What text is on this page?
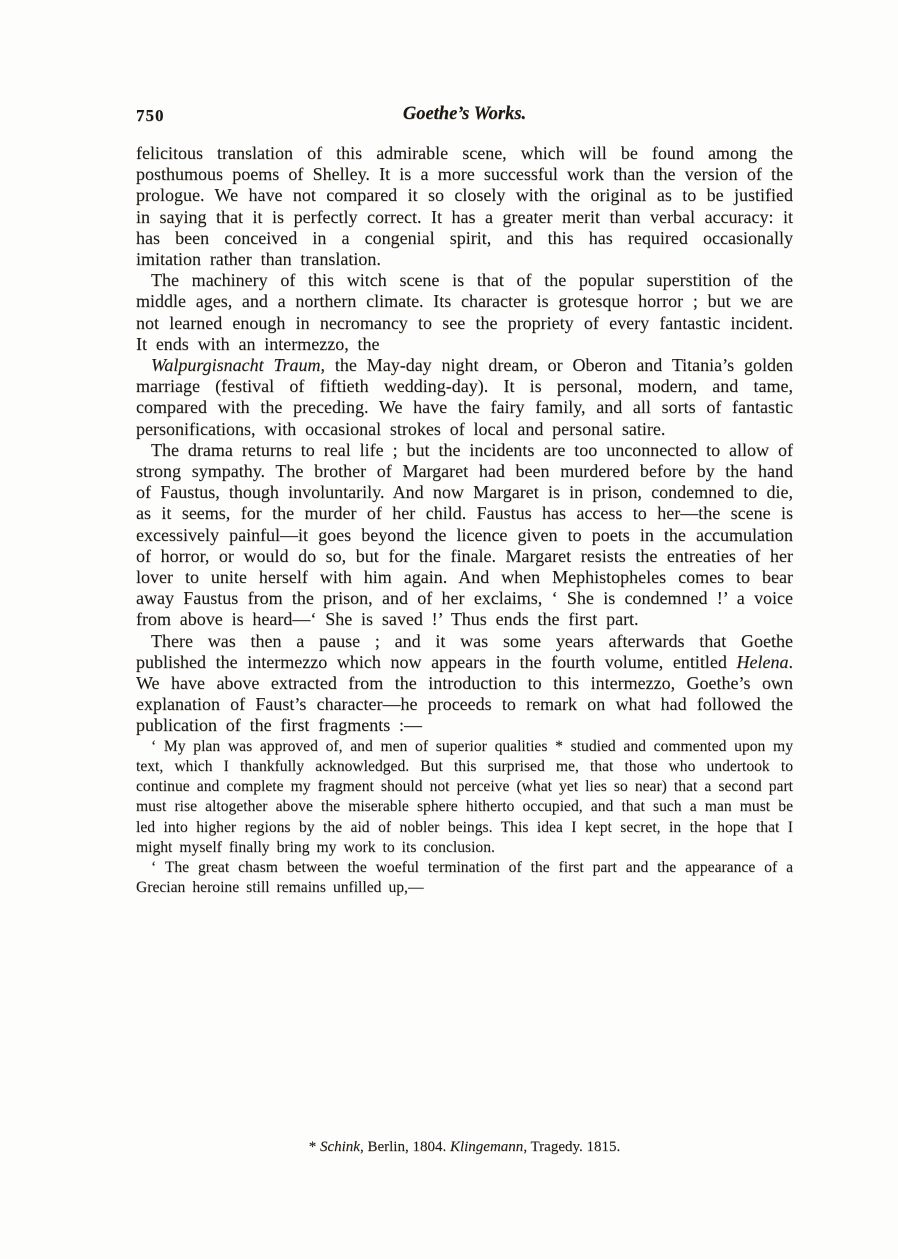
750	Goethe’s Works.

felicitous translation of this admirable scene, which will be found among the posthumous poems of Shelley. It is a more successful work than the version of the prologue. We have not compared it so closely with the original as to be justified in saying that it is perfectly correct. It has a greater merit than verbal accuracy: it has been conceived in a congenial spirit, and this has required occasionally imitation rather than translation.

The machinery of this witch scene is that of the popular superstition of the middle ages, and a northern climate. Its character is grotesque horror ; but we are not learned enough in necromancy to see the propriety of every fantastic incident. It ends with an intermezzo, the

Walpurgisnacht Traum, the May-day night dream, or Oberon and Titania’s golden marriage (festival of fiftieth wedding-day). It is personal, modern, and tame, compared with the preceding. We have the fairy family, and all sorts of fantastic personifications, with occasional strokes of local and personal satire.

The drama returns to real life ; but the incidents are too unconnected to allow of strong sympathy. The brother of Margaret had been murdered before by the hand of Faustus, though involuntarily. And now Margaret is in prison, condemned to die, as it seems, for the murder of her child. Faustus has access to her—the scene is excessively painful—it goes beyond the licence given to poets in the accumulation of horror, or would do so, but for the finale. Margaret resists the entreaties of her lover to unite herself with him again. And when Mephistopheles comes to bear away Faustus from the prison, and of her exclaims, ‘ She is condemned !’ a voice from above is heard—‘ She is saved !’ Thus ends the first part.

There was then a pause ; and it was some years afterwards that Goethe published the intermezzo which now appears in the fourth volume, entitled Helena. We have above extracted from the introduction to this intermezzo, Goethe’s own explanation of Faust’s character—he proceeds to remark on what had followed the publication of the first fragments :—

‘ My plan was approved of, and men of superior qualities * studied and commented upon my text, which I thankfully acknowledged. But this surprised me, that those who undertook to continue and complete my fragment should not perceive (what yet lies so near) that a second part must rise altogether above the miserable sphere hitherto occupied, and that such a man must be led into higher regions by the aid of nobler beings. This idea I kept secret, in the hope that I might myself finally bring my work to its conclusion.

‘ The great chasm between the woeful termination of the first part and the appearance of a Grecian heroine still remains unfilled up,—

* Schink, Berlin, 1804. Klingemann, Tragedy. 1815.
